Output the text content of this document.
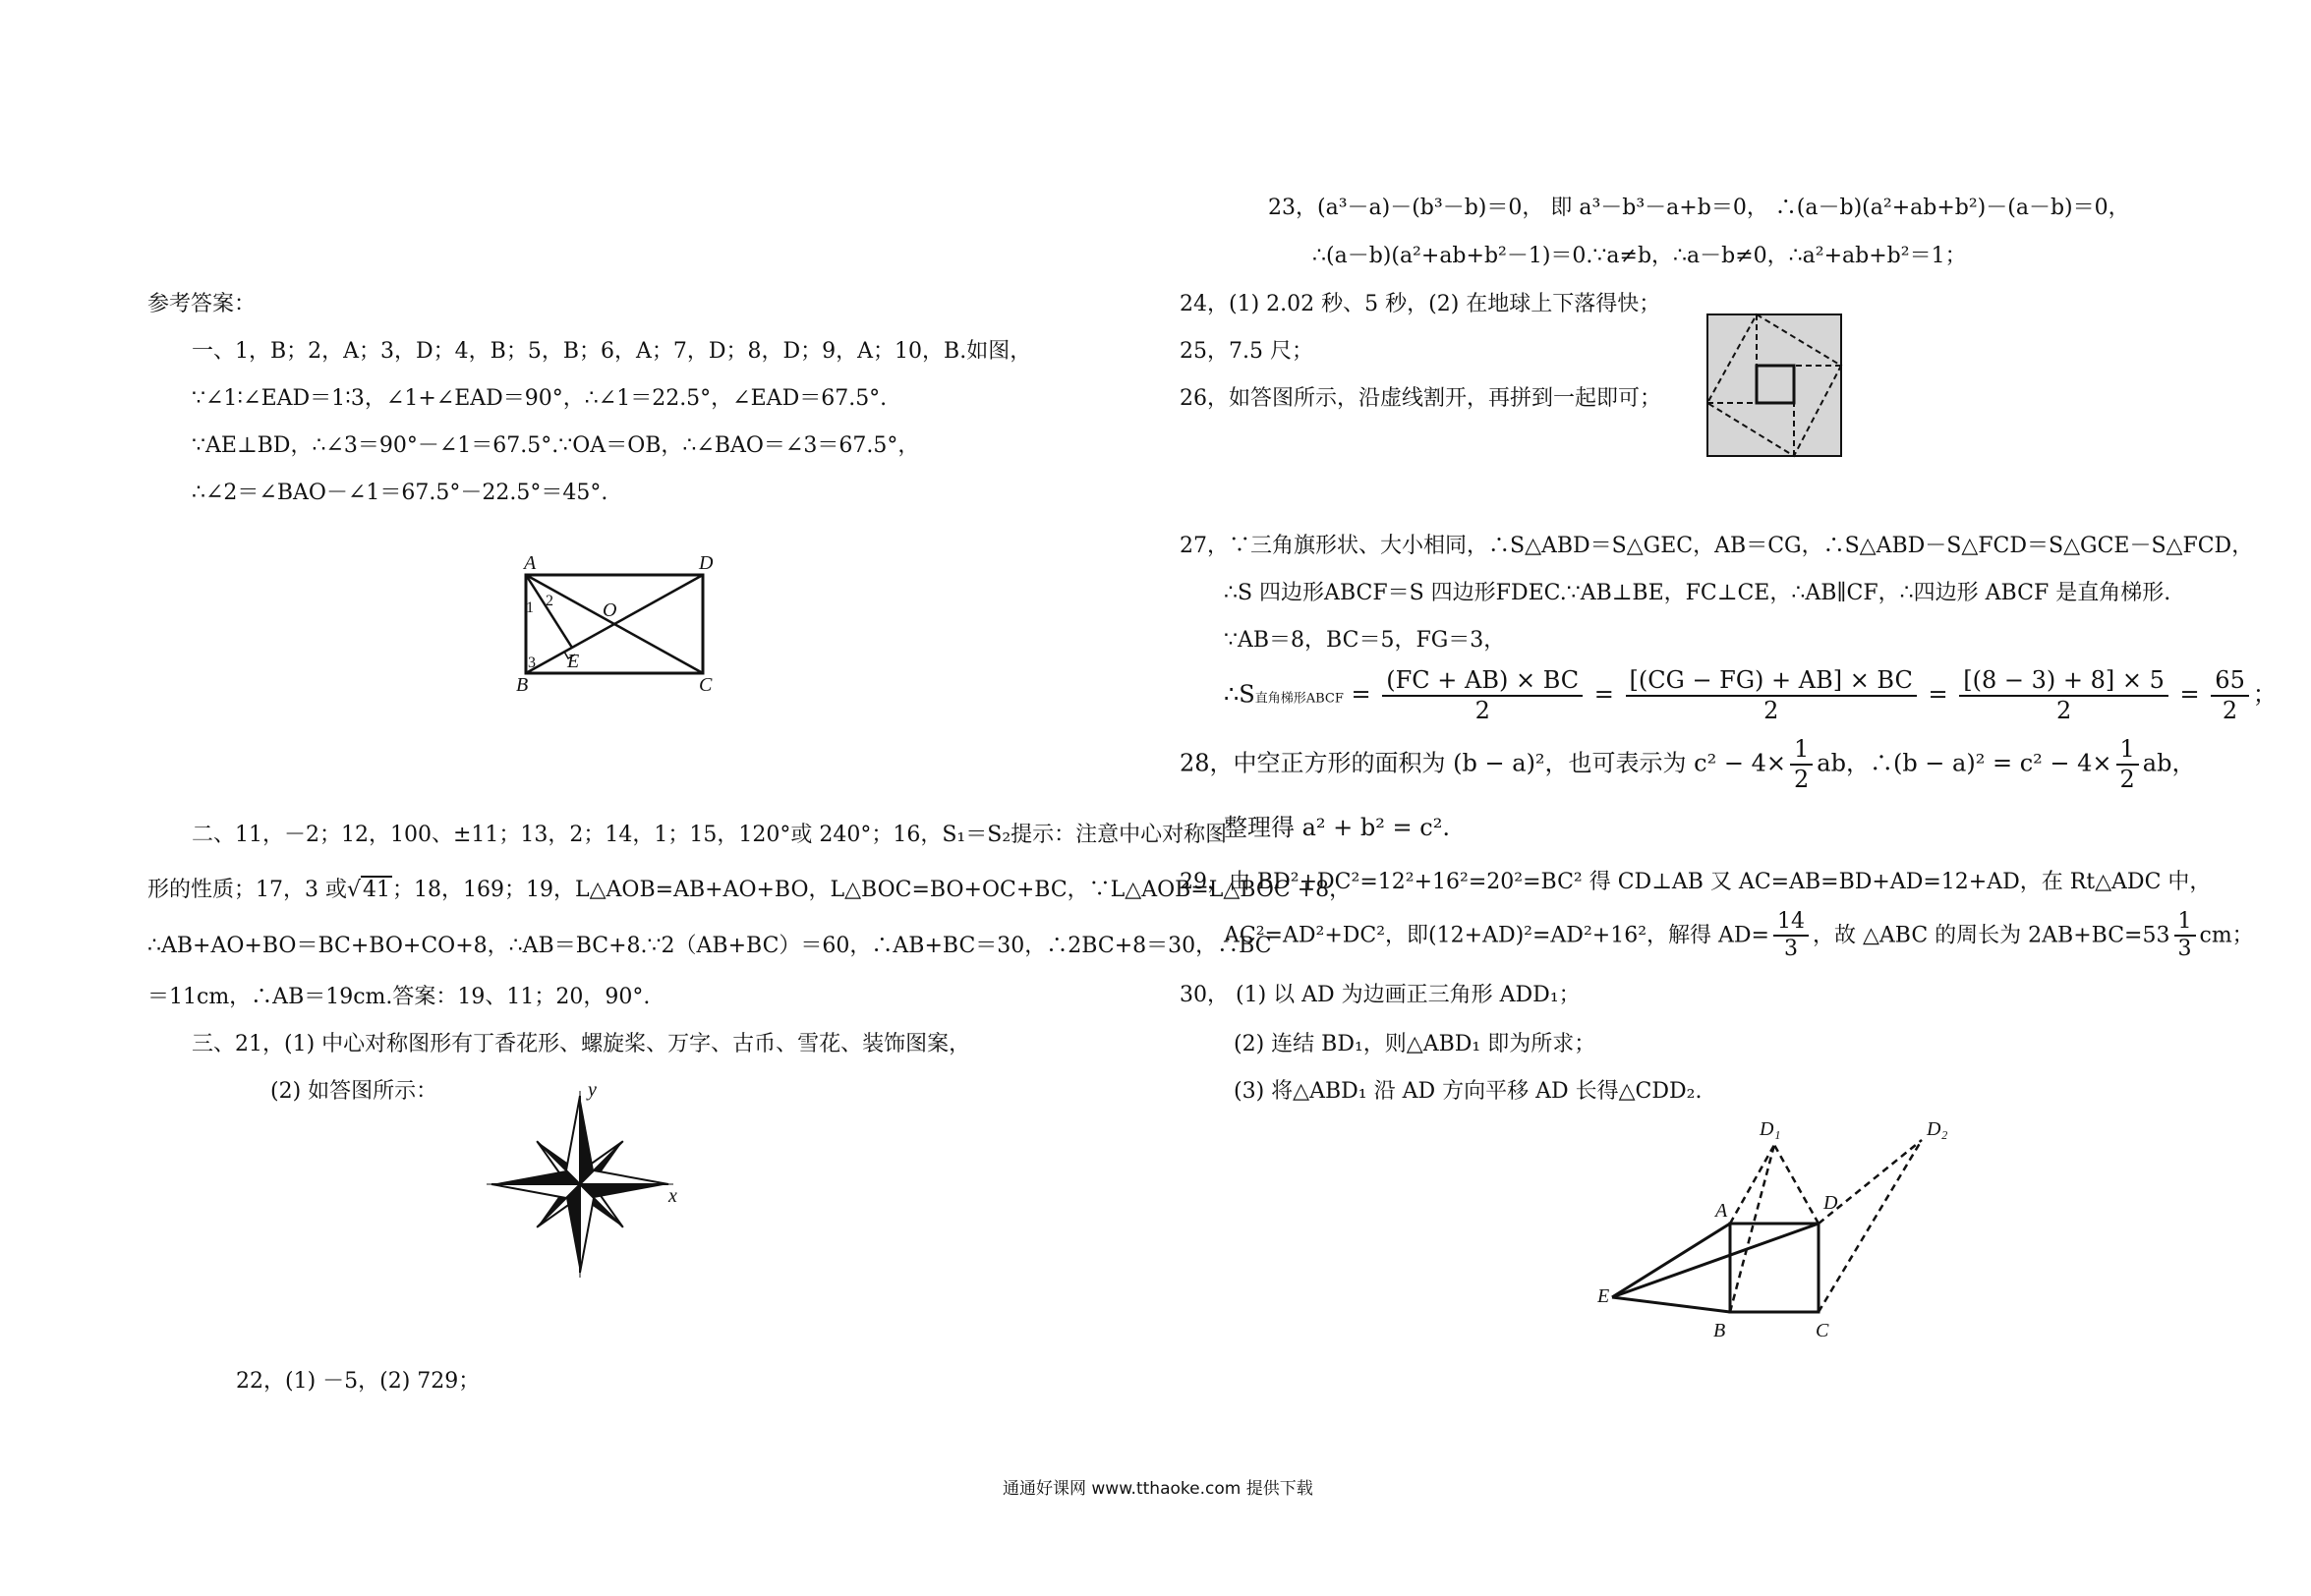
参考答案：
一、1，B；2，A；3，D；4，B；5，B；6，A；7，D；8，D；9，A；10，B.如图，
∵∠1∶∠EAD＝1∶3，∠1+∠EAD＝90°，∴∠1＝22.5°，∠EAD＝67.5°.
∵AE⊥BD，∴∠3＝90°－∠1＝67.5°.∵OA＝OB，∴∠BAO＝∠3＝67.5°，
∴∠2＝∠BAO－∠1＝67.5°－22.5°＝45°.
A	D
B	C
O
E
1 2
3
二、11，－2；12，100、±11；13，2；14，1；15，120°或 240°；16，S₁＝S₂提示：注意中心对称图
形的性质；17，3 或√41；18，169；19，L△AOB=AB+AO+BO，L△BOC=BO+OC+BC，∵L△AOB=L△BOC +8，
∴AB+AO+BO＝BC+BO+CO+8，∴AB＝BC+8.∵2（AB+BC）＝60，∴AB+BC＝30，∴2BC+8＝30，∴BC
＝11cm，∴AB＝19cm.答案：19、11；20，90°.
三、21，(1) 中心对称图形有丁香花形、螺旋桨、万字、古币、雪花、装饰图案，
(2) 如答图所示：
x
y
22，(1) －5，(2) 729；
23，(a³－a)－(b³－b)＝0， 即 a³－b³－a+b＝0， ∴(a－b)(a²+ab+b²)－(a－b)＝0，
∴(a－b)(a²+ab+b²－1)＝0.∵a≠b，∴a－b≠0，∴a²+ab+b²＝1；
24，(1) 2.02 秒、5 秒，(2) 在地球上下落得快；
25，7.5 尺；
26，如答图所示，沿虚线割开，再拼到一起即可；
27，∵三角旗形状、大小相同，∴S△ABD＝S△GEC，AB＝CG，∴S△ABD－S△FCD＝S△GCE－S△FCD，
∴S 四边形ABCF＝S 四边形FDEC.∵AB⊥BE，FC⊥CE，∴AB∥CF，∴四边形 ABCF 是直角梯形.
∵AB＝8，BC＝5，FG＝3，
∴S直角梯形ABCF = $\frac{(FC + AB) \times BC}{2} = \frac{[(CG - FG) + AB] \times BC}{2} = \frac{[(8 - 3) + 8] \times 5}{2} = \frac{65}{2}$ ；
28，中空正方形的面积为 (b − a)²，也可表示为 $c^2 - 4\times \frac{1}{2}$ ab，∴(b − $a)^2 = c^2 - 4\times \frac{1}{2}$ ab，
整理得 a² + b² = c².
29，由 BD²+DC²=12²+16²=20²=BC² 得 CD⊥AB 又 AC=AB=BD+AD=12+AD，在 Rt△ADC 中，
AC²=AD²+DC²，即(12+AD)²=AD²+16²，解得 $AD= \frac{14}{3}$ ，故 △ABC 的周长为 $2AB+BC=53 \frac{1}{3}$ cm；
30， (1) 以 AD 为边画正三角形 ADD₁；
(2) 连结 BD₁，则△ABD₁ 即为所求；
(3) 将△ABD₁ 沿 AD 方向平移 AD 长得△CDD₂.
A	D
B	C
E
D₁	D₂
通通好课网 www.tthaoke.com 提供下载
